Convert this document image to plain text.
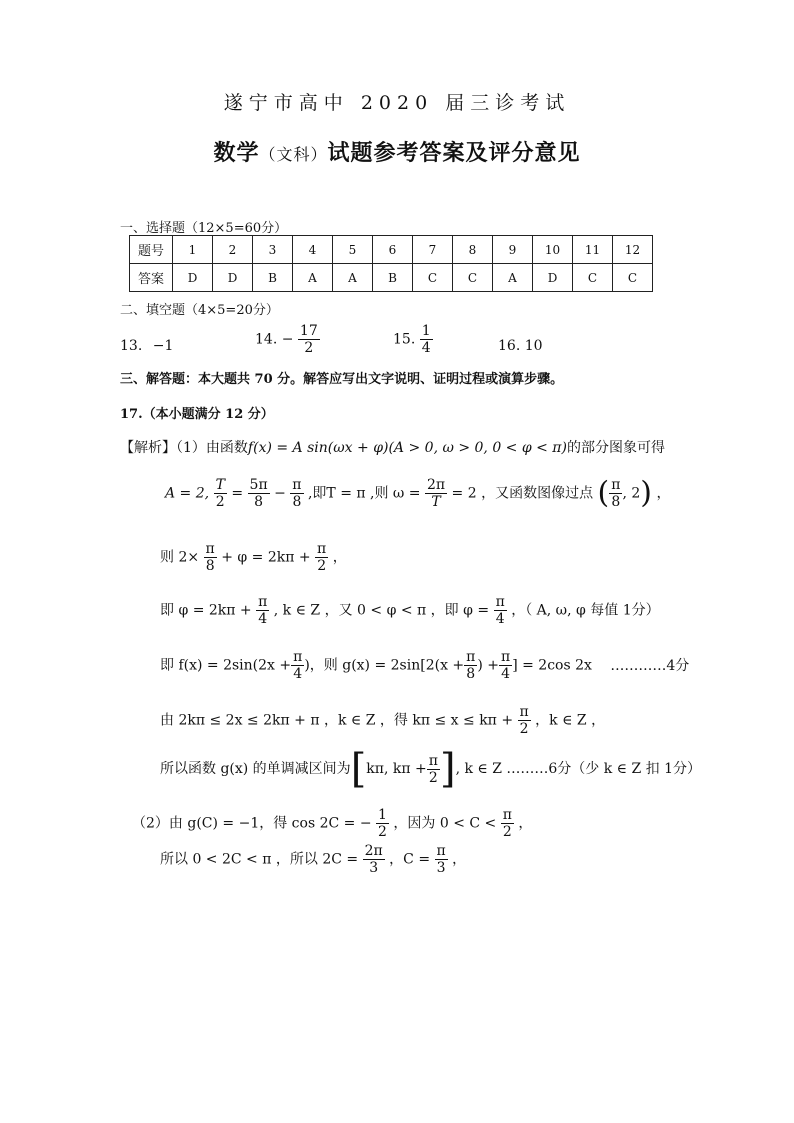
遂宁市高中 2020 届三诊考试
数学（文科）试题参考答案及评分意见
一、选择题（12×5=60分）
题号	1	2	3	4	5	6	7	8	9	10	11	12
答案	D	D	B	A	A	B	C	C	A	D	C	C
二、填空题（4×5=20分）
13. −1	14. − $\frac{17}{2}$	15. $\frac{1}{4}$	16. 10
三、解答题：本大题共 70 分。解答应写出文字说明、证明过程或演算步骤。
17.（本小题满分 12 分）
【解析】（1）由函数f(x) = A sin(ωx + φ)(A > 0, ω > 0, 0 < φ < π)的部分图象可得
A = 2, $\frac{T}{2} = \frac{5\pi}{8} - \frac{\pi}{8}$ ,即T = π ,则 $\omega = \frac{2\pi}{T} = 2$ ，又函数图像过点 ( $\frac{\pi}{8}$ , 2) ，
则 $2\times \frac{\pi}{8} + \varphi = 2k\pi + \frac{\pi}{2}$ ，
即 $\varphi = 2k\pi + \frac{\pi}{4}$ , k ∈ Z ，又 0 < φ < π ，即 $\varphi = \frac{\pi}{4}$ ，（ A, ω, φ 每值 1分）
即 $f(x) = 2\sin(2x + \frac{\pi}{4}$ )，则 $g(x) = 2\sin[2(x + \frac{\pi}{8}$ ) + $\frac{\pi}{4}$ ] = 2cos 2x …………4分
由 2kπ ≤ 2x ≤ 2kπ + π ，k ∈ Z ，得 $k\pi \le x \le k\pi + \frac{\pi}{2}$ ，k ∈ Z ，
所以函数 g(x) 的单调减区间为[kπ, $k\pi + \frac{\pi}{2}$ ], k ∈ Z ………6分（少 k ∈ Z 扣 1分）
（2）由 g(C) = −1，得 cos 2C = − $\frac{1}{2}$ ，因为 $0 < C < \frac{\pi}{2}$ ，
所以 0 < 2C < π ，所以 $2C = \frac{2\pi}{3}$ ，$C = \frac{\pi}{3}$ ，
